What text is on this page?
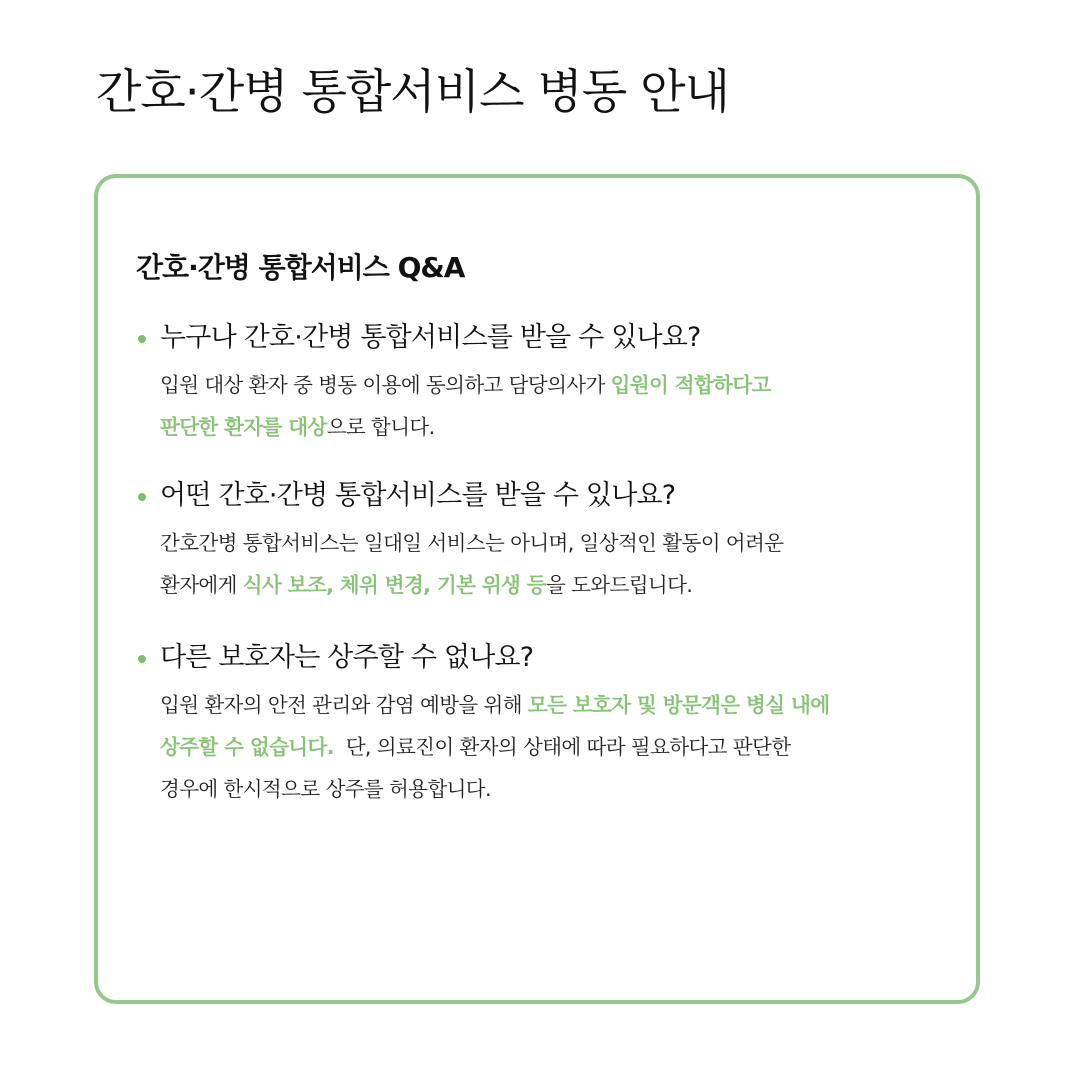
간호·간병 통합서비스 병동 안내
간호·간병 통합서비스 Q&A
누구나 간호·간병 통합서비스를 받을 수 있나요?
입원 대상 환자 중 병동 이용에 동의하고 담당의사가 입원이 적합하다고
판단한 환자를 대상으로 합니다.
어떤 간호·간병 통합서비스를 받을 수 있나요?
간호간병 통합서비스는 일대일 서비스는 아니며, 일상적인 활동이 어려운
환자에게 식사 보조, 체위 변경, 기본 위생 등을 도와드립니다.
다른 보호자는 상주할 수 없나요?
입원 환자의 안전 관리와 감염 예방을 위해 모든 보호자 및 방문객은 병실 내에
상주할 수 없습니다.  단, 의료진이 환자의 상태에 따라 필요하다고 판단한
경우에 한시적으로 상주를 허용합니다.
